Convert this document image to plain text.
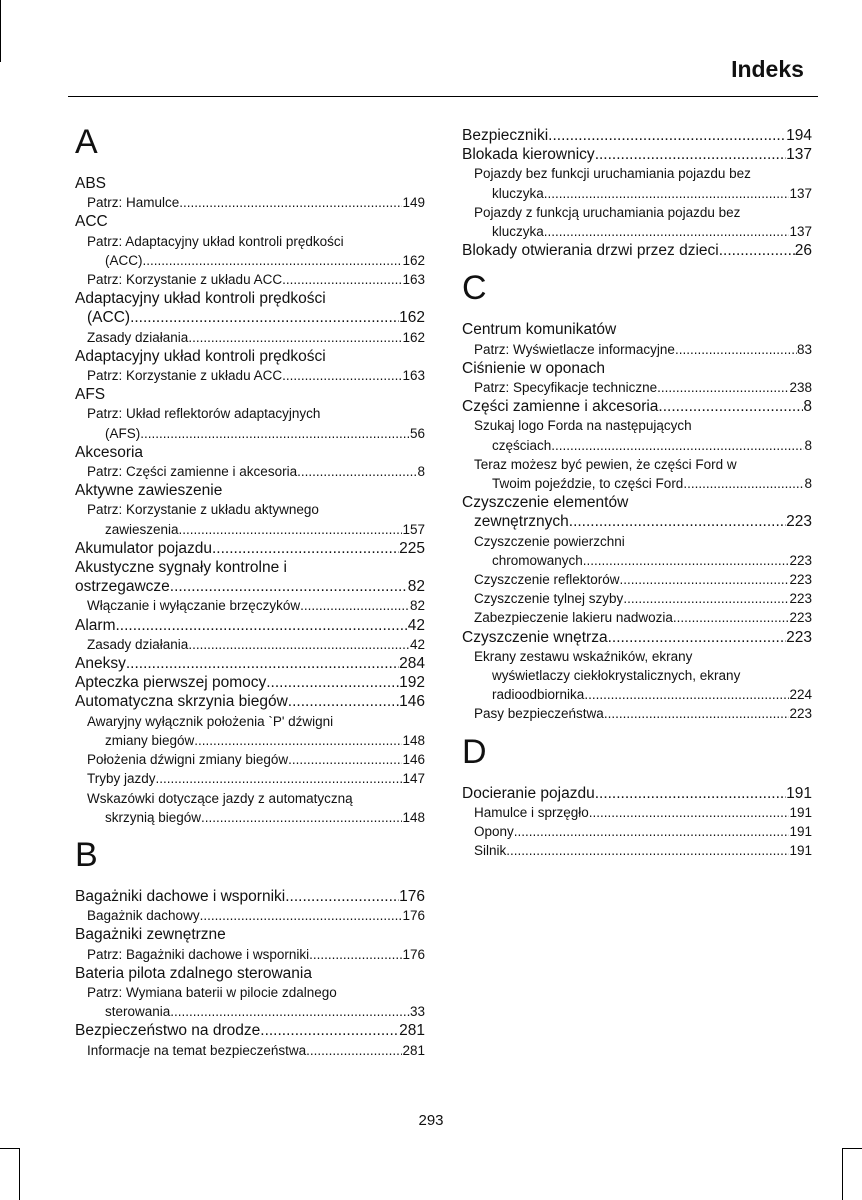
Indeks
A
ABS
Patrz: Hamulce .....	149
ACC
Patrz: Adaptacyjny układ kontroli prędkości
(ACC) .....	162
Patrz: Korzystanie z układu ACC .....	163
Adaptacyjny układ kontroli prędkości
(ACC) .....	162
Zasady działania .....	162
Adaptacyjny układ kontroli prędkości
Patrz: Korzystanie z układu ACC .....	163
AFS
Patrz: Układ reflektorów adaptacyjnych
(AFS) .....	56
Akcesoria
Patrz: Części zamienne i akcesoria .....	8
Aktywne zawieszenie
Patrz: Korzystanie z układu aktywnego
zawieszenia .....	157
Akumulator pojazdu .....	225
Akustyczne sygnały kontrolne i
ostrzegawcze .....	82
Włączanie i wyłączanie brzęczyków .....	82
Alarm .....	42
Zasady działania .....	42
Aneksy .....	284
Apteczka pierwszej pomocy .....	192
Automatyczna skrzynia biegów .....	146
Awaryjny wyłącznik położenia `P' dźwigni
zmiany biegów .....	148
Położenia dźwigni zmiany biegów .....	146
Tryby jazdy .....	147
Wskazówki dotyczące jazdy z automatyczną
skrzynią biegów .....	148
B
Bagażniki dachowe i wsporniki .....	176
Bagażnik dachowy .....	176
Bagażniki zewnętrzne
Patrz: Bagażniki dachowe i wsporniki .....	176
Bateria pilota zdalnego sterowania
Patrz: Wymiana baterii w pilocie zdalnego
sterowania .....	33
Bezpieczeństwo na drodze .....	281
Informacje na temat bezpieczeństwa .....	281
Bezpieczniki .....	194
Blokada kierownicy .....	137
Pojazdy bez funkcji uruchamiania pojazdu bez
kluczyka .....	137
Pojazdy z funkcją uruchamiania pojazdu bez
kluczyka .....	137
Blokady otwierania drzwi przez dzieci .....	26
C
Centrum komunikatów
Patrz: Wyświetlacze informacyjne .....	83
Ciśnienie w oponach
Patrz: Specyfikacje techniczne .....	238
Części zamienne i akcesoria .....	8
Szukaj logo Forda na następujących
częściach .....	8
Teraz możesz być pewien, że części Ford w
Twoim pojeździe, to części Ford .....	8
Czyszczenie elementów
zewnętrznych .....	223
Czyszczenie powierzchni
chromowanych .....	223
Czyszczenie reflektorów .....	223
Czyszczenie tylnej szyby .....	223
Zabezpieczenie lakieru nadwozia .....	223
Czyszczenie wnętrza .....	223
Ekrany zestawu wskaźników, ekrany
wyświetlaczy ciekłokrystalicznych, ekrany
radioodbiornika .....	224
Pasy bezpieczeństwa .....	223
D
Docieranie pojazdu .....	191
Hamulce i sprzęgło .....	191
Opony .....	191
Silnik .....	191
293
